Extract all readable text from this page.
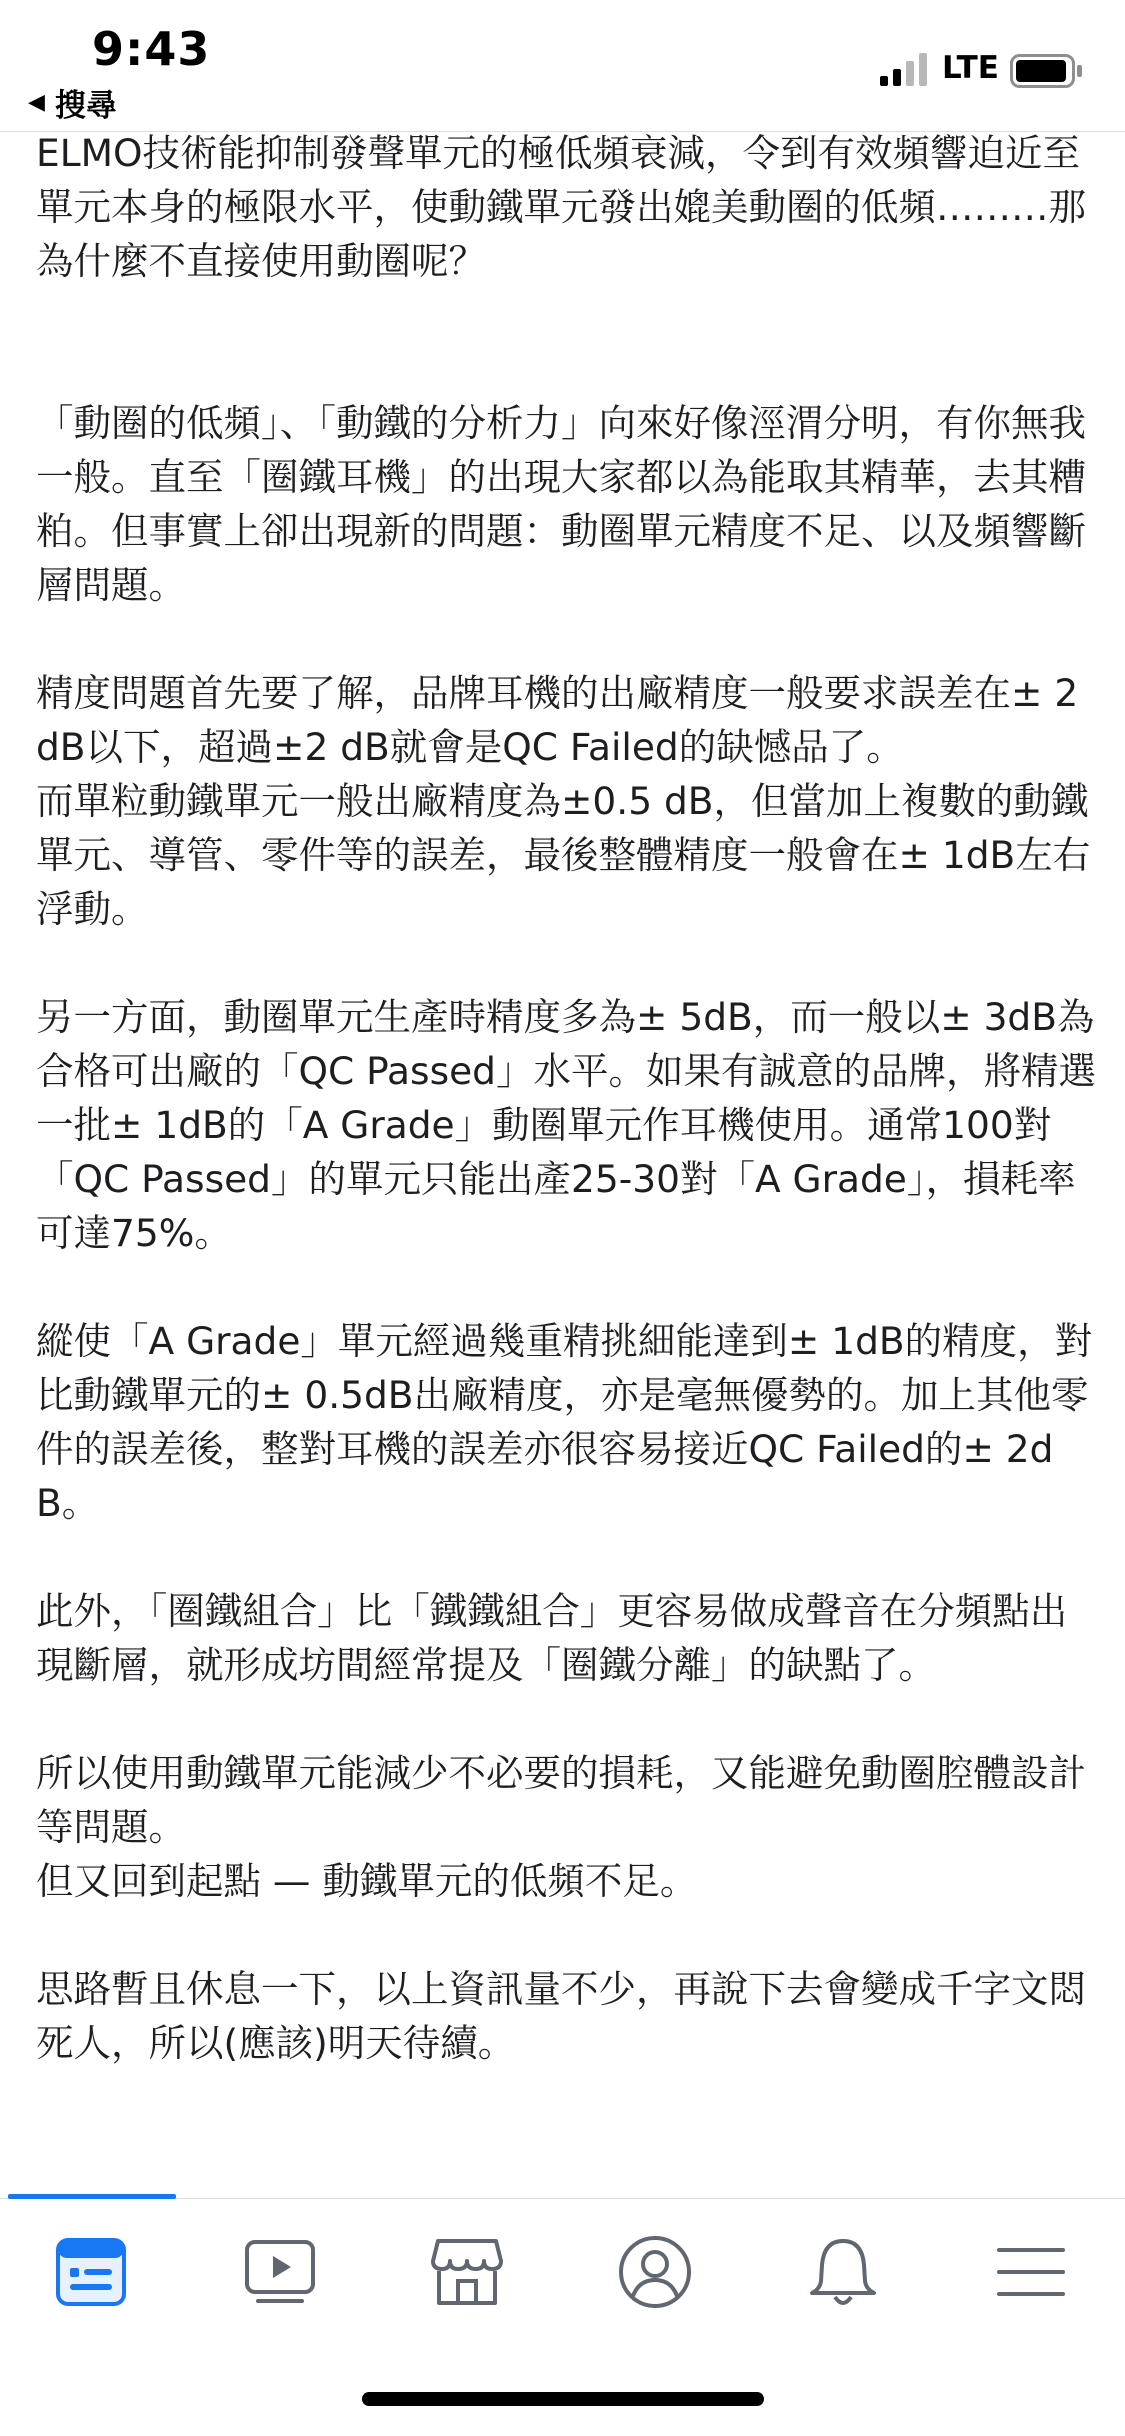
9:43
◀ 搜尋
LTE

ELMO技術能抑制發聲單元的極低頻衰減，令到有效頻響迫近至單元本身的極限水平，使動鐵單元發出媲美動圈的低頻………那為什麼不直接使用動圈呢？

「動圈的低頻」、「動鐵的分析力」向來好像涇渭分明，有你無我一般。直至「圈鐵耳機」的出現大家都以為能取其精華，去其糟粕。但事實上卻出現新的問題：動圈單元精度不足、以及頻響斷層問題。

精度問題首先要了解，品牌耳機的出廠精度一般要求誤差在± 2dB以下，超過±2 dB就會是QC Failed的缺憾品了。

而單粒動鐵單元一般出廠精度為±0.5 dB，但當加上複數的動鐵單元、導管、零件等的誤差，最後整體精度一般會在± 1dB左右浮動。

另一方面，動圈單元生產時精度多為± 5dB，而一般以± 3dB為合格可出廠的「QC Passed」水平。如果有誠意的品牌，將精選一批± 1dB的「A Grade」動圈單元作耳機使用。通常100對「QC Passed」的單元只能出產25-30對「A Grade」，損耗率可達75%。

縱使「A Grade」單元經過幾重精挑細能達到± 1dB的精度，對比動鐵單元的± 0.5dB出廠精度，亦是毫無優勢的。加上其他零件的誤差後，整對耳機的誤差亦很容易接近QC Failed的± 2dB。

此外，「圈鐵組合」比「鐵鐵組合」更容易做成聲音在分頻點出現斷層，就形成坊間經常提及「圈鐵分離」的缺點了。

所以使用動鐵單元能減少不必要的損耗，又能避免動圈腔體設計等問題。

但又回到起點 — 動鐵單元的低頻不足。

思路暫且休息一下，以上資訊量不少，再說下去會變成千字文悶死人，所以(應該)明天待續。
